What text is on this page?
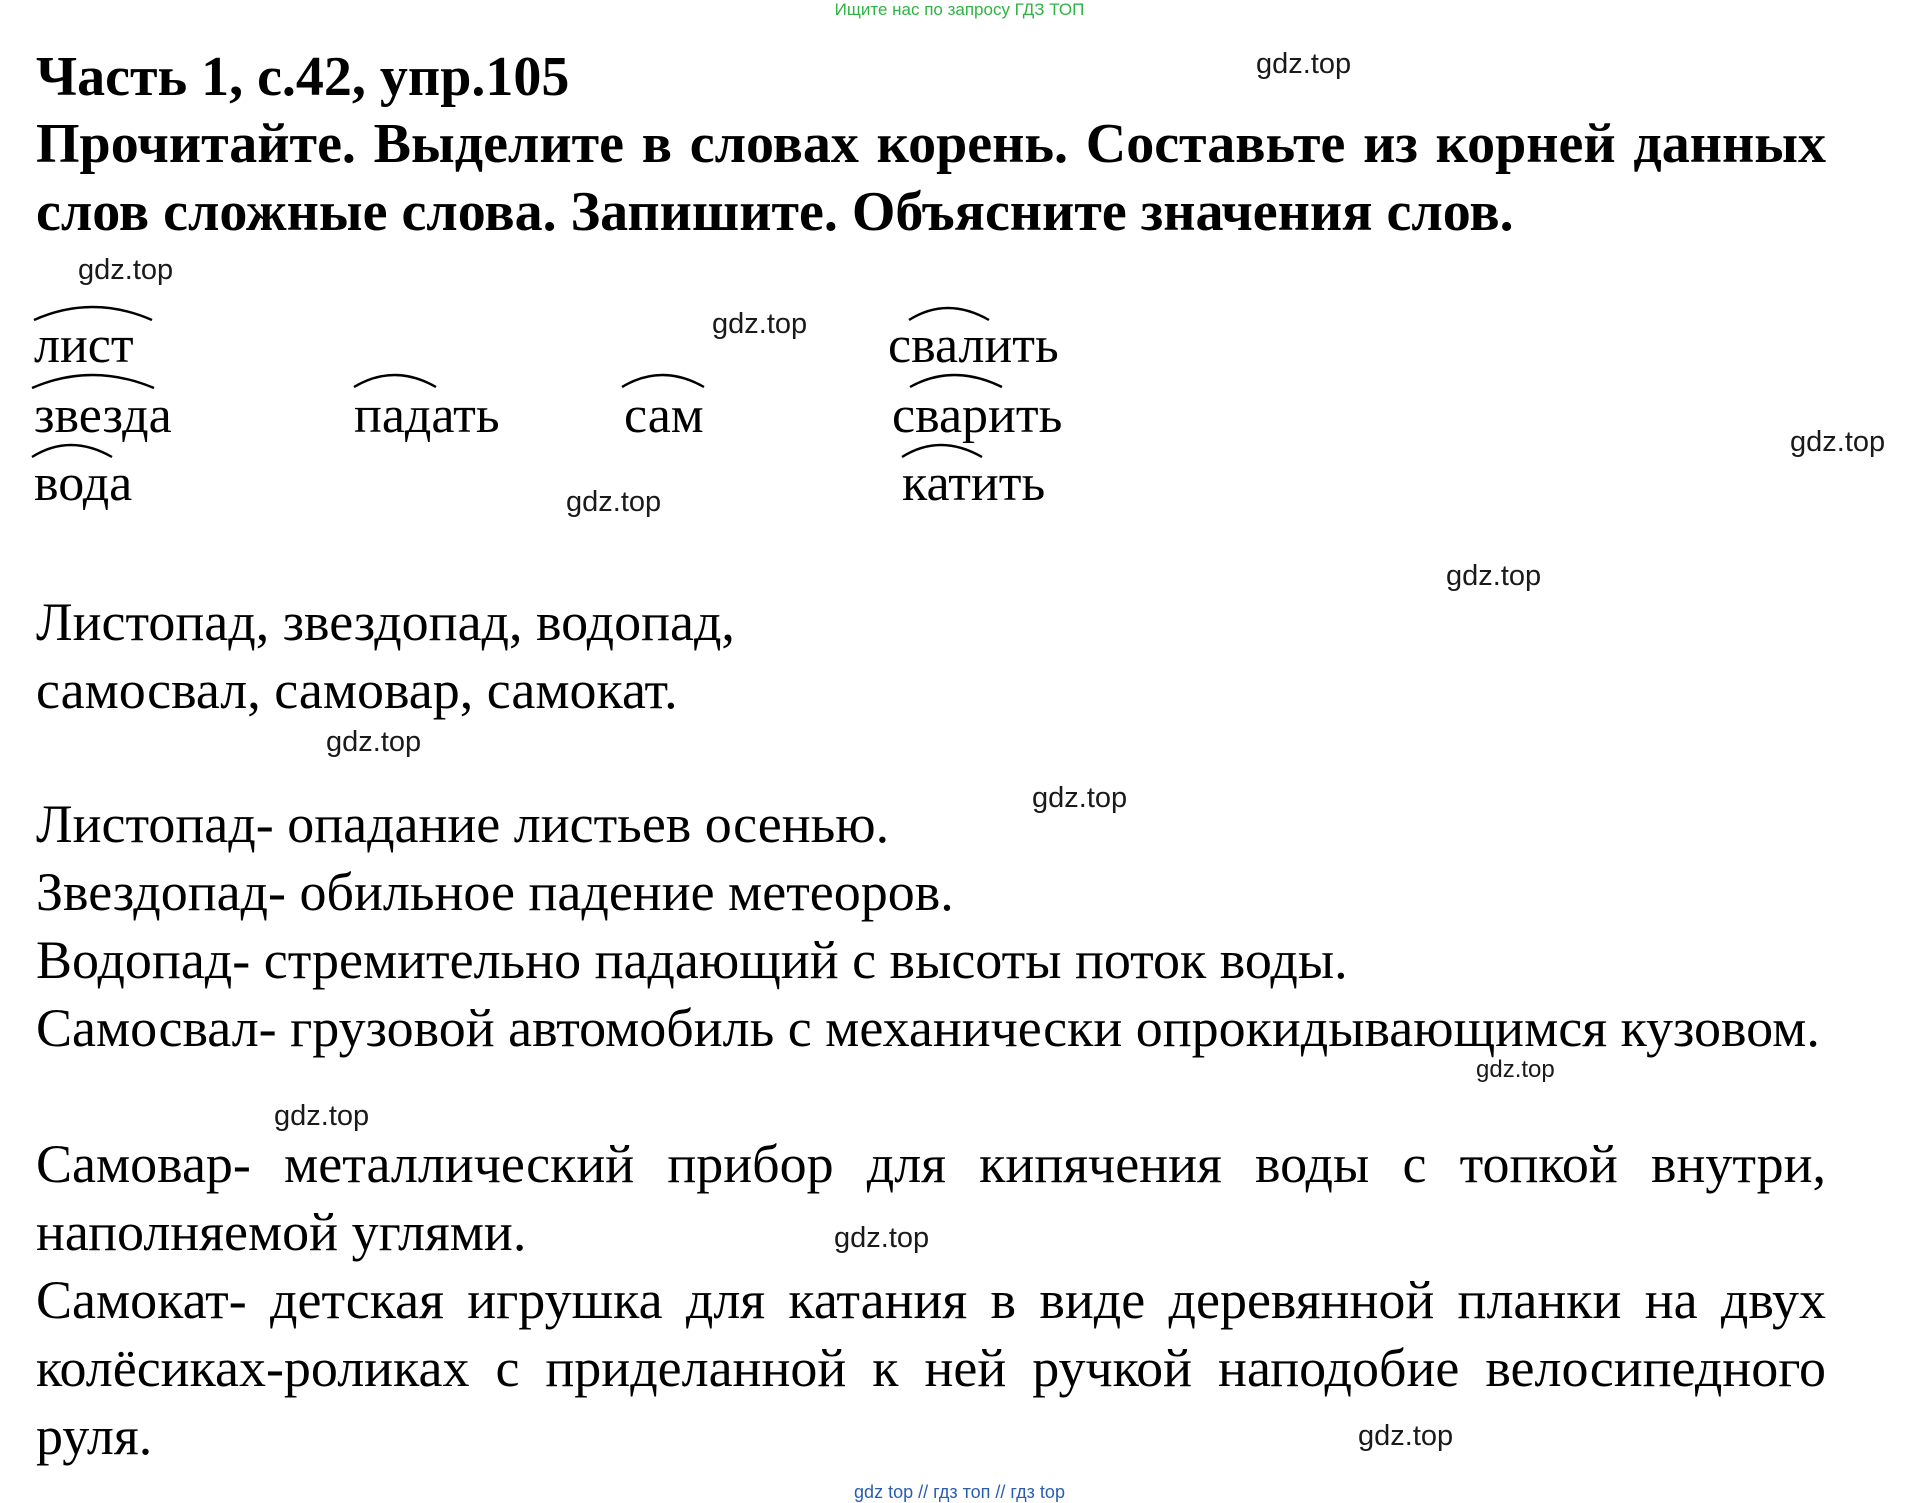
Ищите нас по запросу ГДЗ ТОП
Часть 1, с.42, упр.105
Прочитайте. Выделите в словах корень. Составьте из корней данных слов сложные слова. Запишите. Объясните значения слов.
лист
звезда
вода
падать сам
свалить
сварить
катить
Листопад, звездопад, водопад,
самосвал, самовар, самокат.
Листопад- опадание листьев осенью.
Звездопад- обильное падение метеоров.
Водопад- стремительно падающий с высоты поток воды.
Самосвал- грузовой автомобиль с механически опрокидывающимся кузовом.
Самовар- металлический прибор для кипячения воды с топкой внутри, наполняемой углями.
Самокат- детская игрушка для катания в виде деревянной планки на двух колёсиках-роликах с приделанной к ней ручкой наподобие велосипедного руля.
gdz.top
gdz.top
gdz.top
gdz.top
gdz.top
gdz.top
gdz.top
gdz.top
gdz.top
gdz.top
gdz.top
gdz.top
gdz top // гдз топ // гдз top
